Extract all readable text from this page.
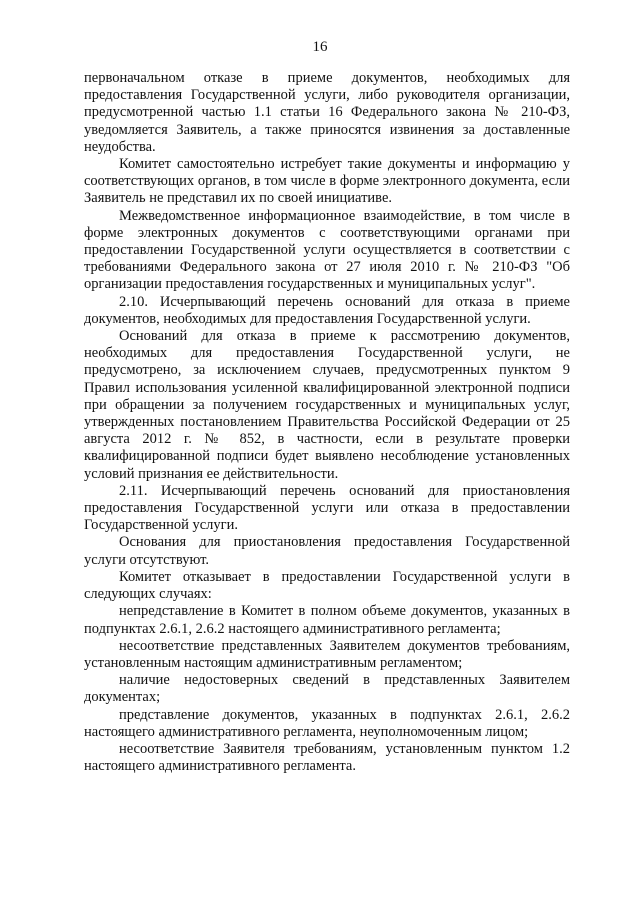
16

первоначальном отказе в приеме документов, необходимых для предоставления Государственной услуги, либо руководителя организации, предусмотренной частью 1.1 статьи 16 Федерального закона № 210-ФЗ, уведомляется Заявитель, а также приносятся извинения за доставленные неудобства.

Комитет самостоятельно истребует такие документы и информацию у соответствующих органов, в том числе в форме электронного документа, если Заявитель не представил их по своей инициативе.

Межведомственное информационное взаимодействие, в том числе в форме электронных документов с соответствующими органами при предоставлении Государственной услуги осуществляется в соответствии с требованиями Федерального закона от 27 июля 2010 г. № 210-ФЗ "Об организации предоставления государственных и муниципальных услуг".

2.10. Исчерпывающий перечень оснований для отказа в приеме документов, необходимых для предоставления Государственной услуги.

Оснований для отказа в приеме к рассмотрению документов, необходимых для предоставления Государственной услуги, не предусмотрено, за исключением случаев, предусмотренных пунктом 9 Правил использования усиленной квалифицированной электронной подписи при обращении за получением государственных и муниципальных услуг, утвержденных постановлением Правительства Российской Федерации от 25 августа 2012 г. № 852, в частности, если в результате проверки квалифицированной подписи будет выявлено несоблюдение установленных условий признания ее действительности.

2.11. Исчерпывающий перечень оснований для приостановления предоставления Государственной услуги или отказа в предоставлении Государственной услуги.

Основания для приостановления предоставления Государственной услуги отсутствуют.

Комитет отказывает в предоставлении Государственной услуги в следующих случаях:

непредставление в Комитет в полном объеме документов, указанных в подпунктах 2.6.1, 2.6.2 настоящего административного регламента;

несоответствие представленных Заявителем документов требованиям, установленным настоящим административным регламентом;

наличие недостоверных сведений в представленных Заявителем документах;

представление документов, указанных в подпунктах 2.6.1, 2.6.2 настоящего административного регламента, неуполномоченным лицом;

несоответствие Заявителя требованиям, установленным пунктом 1.2 настоящего административного регламента.
